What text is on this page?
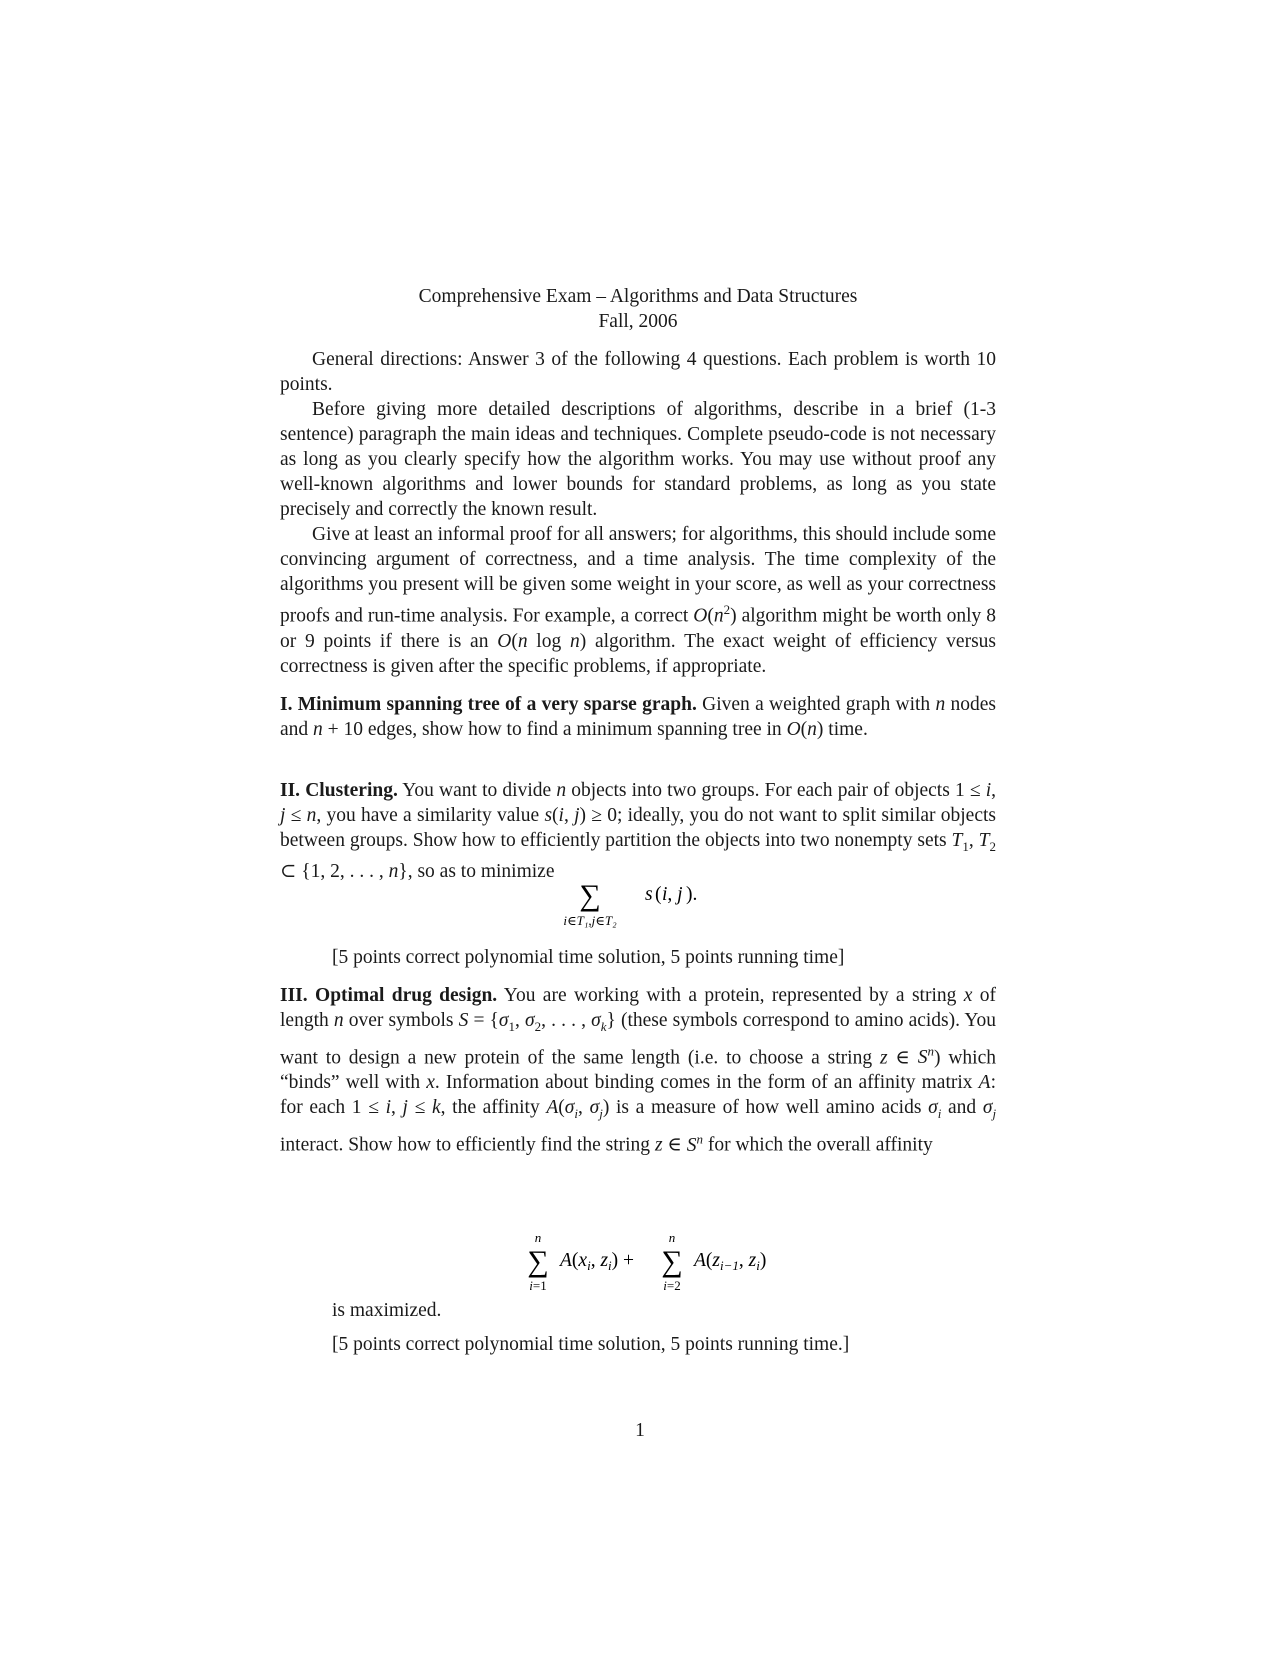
Comprehensive Exam – Algorithms and Data Structures
Fall, 2006

General directions: Answer 3 of the following 4 questions. Each problem is worth 10 points.

Before giving more detailed descriptions of algorithms, describe in a brief (1-3 sentence) paragraph the main ideas and techniques. Complete pseudo-code is not necessary as long as you clearly specify how the algorithm works. You may use without proof any well-known algorithms and lower bounds for standard problems, as long as you state precisely and correctly the known result.

Give at least an informal proof for all answers; for algorithms, this should include some convincing argument of correctness, and a time analysis. The time complexity of the algorithms you present will be given some weight in your score, as well as your correctness proofs and run-time analysis. For example, a correct $O(n^2)$ algorithm might be worth only 8 or 9 points if there is an O(n log n) algorithm. The exact weight of efficiency versus correctness is given after the specific problems, if appropriate.

I. Minimum spanning tree of a very sparse graph. Given a weighted graph with n nodes and n + 10 edges, show how to find a minimum spanning tree in O(n) time.

II. Clustering. You want to divide n objects into two groups. For each pair of objects 1 ≤ i, j ≤ n, you have a similarity value s(i, j) ≥ 0; ideally, you do not want to split similar objects between groups. Show how to efficiently partition the objects into two nonempty sets $T_1$, $T_2$ ⊂ {1, 2, . . . , n}, so as to minimize

∑
i∈T₁,j∈T₂
s ( i, j ).
[5 points correct polynomial time solution, 5 points running time]

III. Optimal drug design. You are working with a protein, represented by a string x of length n over symbols $S = \{\sigma_1$, $\sigma_2$, . . . , $\sigma_k$} (these symbols correspond to amino acids). You want to design a new protein of the same length (i.e. to choose a string z ∈ $S^n$) which “binds” well with x. Information about binding comes in the form of an affinity matrix A: for each 1 ≤ i, j ≤ k, the affinity $A(\sigma_i$, $\sigma_j$) is a measure of how well amino acids $\sigma_i$ and $\sigma_j$ interact. Show how to efficiently find the string z ∈ $S^n$ for which the overall affinity

n
∑
i=1
$A(x_i$, $z_i$) +
n
∑
i=2
$A(z_{i-1}$, $z_i$)
is maximized.
[5 points correct polynomial time solution, 5 points running time.]
1
